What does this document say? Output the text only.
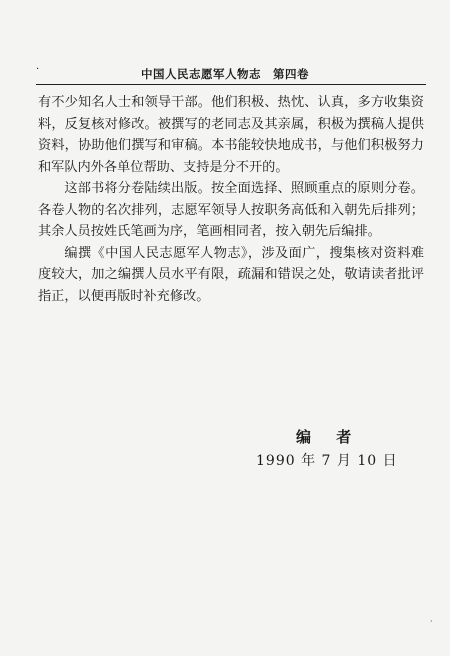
·	中国人民志愿军人物志 第四卷

有不少知名人士和领导干部。他们积极、热忱、认真，多方收集资料，反复核对修改。被撰写的老同志及其亲属，积极为撰稿人提供资料，协助他们撰写和审稿。本书能较快地成书，与他们积极努力和军队内外各单位帮助、支持是分不开的。

这部书将分卷陆续出版。按全面选择、照顾重点的原则分卷。各卷人物的名次排列，志愿军领导人按职务高低和入朝先后排列；其余人员按姓氏笔画为序，笔画相同者，按入朝先后编排。

编撰《中国人民志愿军人物志》，涉及面广，搜集核对资料难度较大，加之编撰人员水平有限，疏漏和错误之处，敬请读者批评指正，以便再版时补充修改。

编 者
1990 年 7 月 10 日
·
